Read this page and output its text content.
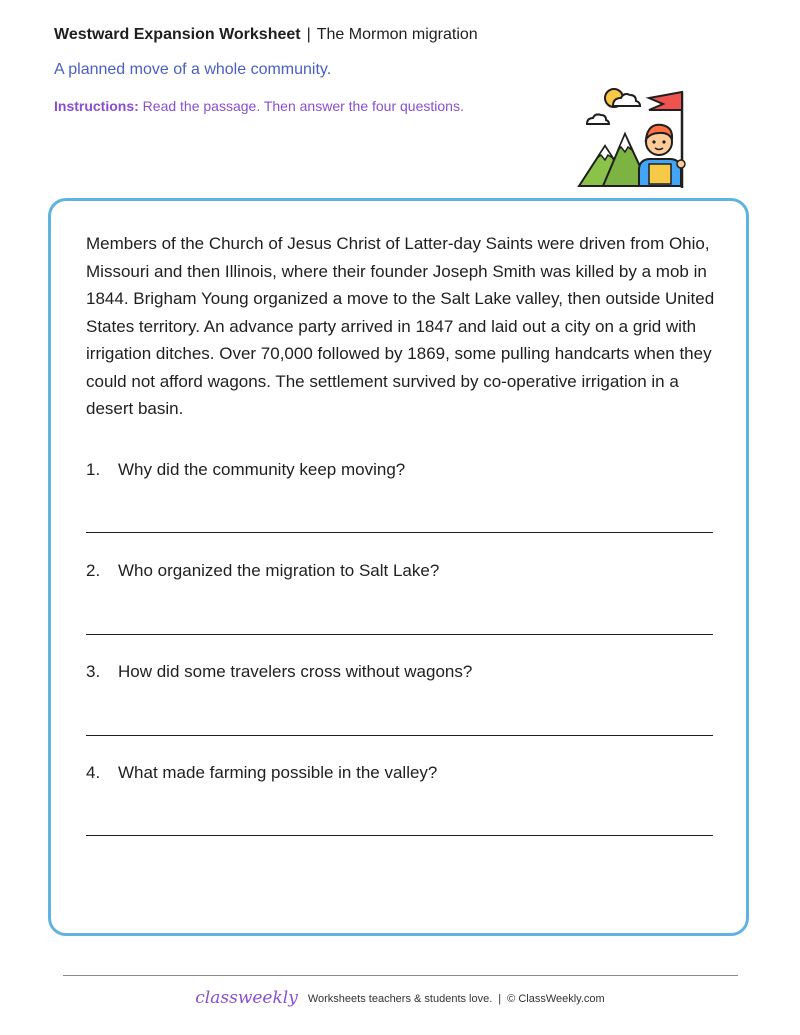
Westward Expansion Worksheet | The Mormon migration
A planned move of a whole community.
Instructions: Read the passage. Then answer the four questions.

Members of the Church of Jesus Christ of Latter-day Saints were driven from Ohio, Missouri and then Illinois, where their founder Joseph Smith was killed by a mob in 1844. Brigham Young organized a move to the Salt Lake valley, then outside United States territory. An advance party arrived in 1847 and laid out a city on a grid with irrigation ditches. Over 70,000 followed by 1869, some pulling handcarts when they could not afford wagons. The settlement survived by co-operative irrigation in a desert basin.

1. Why did the community keep moving?
2. Who organized the migration to Salt Lake?
3. How did some travelers cross without wagons?
4. What made farming possible in the valley?
classweekly Worksheets teachers & students love. | © ClassWeekly.com
